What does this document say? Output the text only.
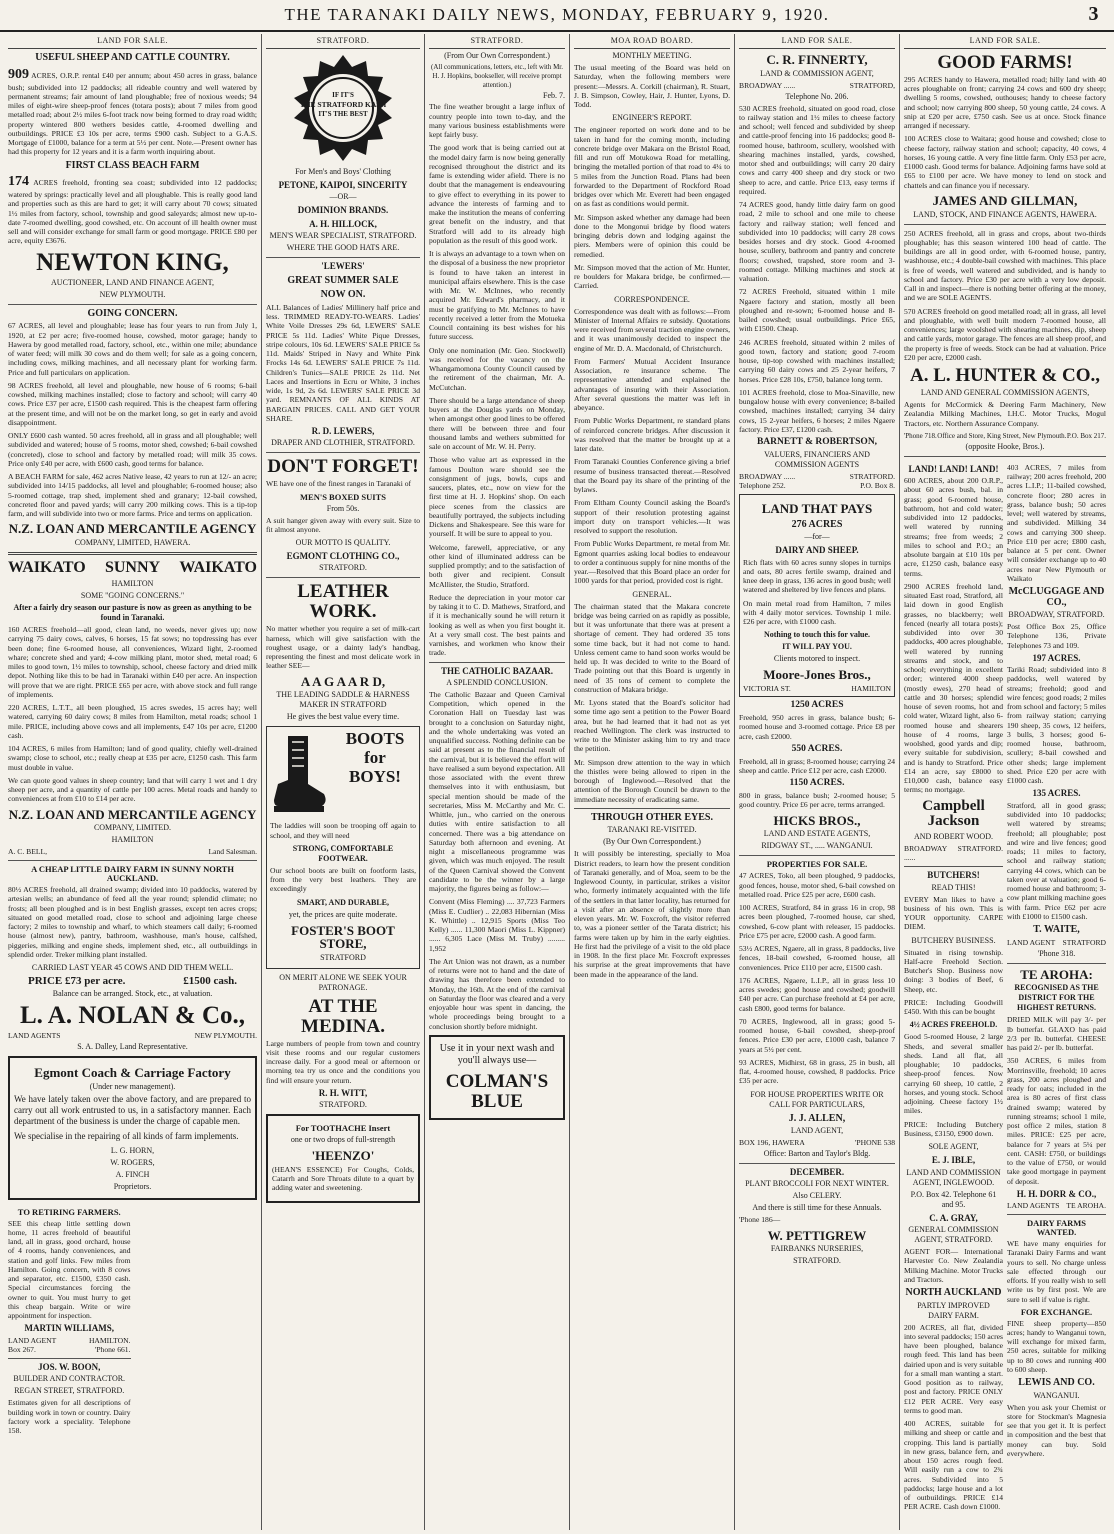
THE TARANAKI DAILY NEWS, MONDAY, FEBRUARY 9, 1920.	3
LAND FOR SALE.
USEFUL SHEEP AND CATTLE COUNTRY.
909 ACRES, O.R.P. rental £40 per annum; about 450 acres in grass, balance bush; subdivided into 12 paddocks; all rideable country and well watered by permanent streams; fair amount of land ploughable; free of noxious weeds; 94 miles of eight-wire sheep-proof fences (totara posts); about 7 miles from good metalled road; about 2½ miles 6-foot track now being formed to dray road width; property wintered 800 wethers besides cattle, 4-roomed dwelling and outbuildings. PRICE £3 10s per acre, terms £900 cash. Subject to a G.A.S. Mortgage of £1000, balance for a term at 5½ per cent. Note.—Present owner has had this property for 12 years and it is a farm worth inquiring about.
FIRST CLASS BEACH FARM
174 ACRES freehold, fronting sea coast; subdivided into 12 paddocks; watered by springs: practically level and all ploughable. This is really good land and properties such as this are hard to get; it will carry about 70 cows; situated 1½ miles from factory, school, township and good saleyards; almost new up-to-date 7-roomed dwelling, good cowshed, etc. On account of ill health owner must sell and will consider exchange for small farm or good mortgage. PRICE £80 per acre, equity £3676.
NEWTON KING,
AUCTIONEER, LAND AND FINANCE AGENT,
NEW PLYMOUTH.
GOING CONCERN.
67 ACRES, all level and ploughable; lease has four years to run from July 1, 1920, at £2 per acre; five-roomed house, cowshed, motor garage; handy to Hawera by good metalled road, factory, school, etc., within one mile; abundance of water feed; will milk 30 cows and do them well; for sale as a going concern, including cows, milking machines, and all necessary plant for working farm. Price and full particulars on application.
98 ACRES freehold, all level and ploughable, new house of 6 rooms; 6-bail cowshed, milking machines installed; close to factory and school; will carry 40 cows. Price £37 per acre, £1500 cash required. This is the cheapest farm offering at the present time, and will not be on the market long, so get in early and avoid disappointment.
ONLY £600 cash wanted. 50 acres freehold, all in grass and all ploughable; well subdivided and watered; house of 5 rooms, motor shed, cowshed; 6-bail cowshed (concreted), close to school and factory by metalled road; will milk 35 cows. Price only £40 per acre, with £600 cash, good terms for balance.
A BEACH FARM for sale, 462 acres Native lease, 42 years to run at 12/- an acre; subdivided into 14/15 paddocks, all level and ploughable; 6-roomed house; also 5-roomed cottage, trap shed, implement shed and granary; 12-bail cowshed, concreted floor and paved yards; will carry 200 milking cows. This is a tip-top farm, and will subdivide into two or more farms. Price and terms on application.
N.Z. LOAN AND MERCANTILE AGENCY
COMPANY, LIMITED, HAWERA.
WAIKATO SUNNY WAIKATO
HAMILTON
SOME "GOING CONCERNS."
After a fairly dry season our pasture is now as green as anything to be found in Taranaki.
160 ACRES freehold—all good, clean land, no weeds, never gives up; now carrying 75 dairy cows, calves, 6 horses, 15 fat sows; no topdressing has ever been done; fine 6-roomed house, all conveniences, Wizard light, 2-roomed whare; concrete shed and yard; 4-cow milking plant, motor shed, metal road; 6 miles to good town, 1½ miles to township, school, cheese factory and dried milk depot. Nothing like this to be had in Taranaki within £40 per acre. An inspection will prove that we are right. PRICE £65 per acre, with above stock and full range of implements.
220 ACRES, L.T.T., all been ploughed, 15 acres swedes, 15 acres hay; well watered, carrying 60 dairy cows; 8 miles from Hamilton, metal roads; school 1 mile. PRICE, including above cows and all implements, £47 10s per acre, £1200 cash.
104 ACRES, 6 miles from Hamilton; land of good quality, chiefly well-drained swamp; close to school, etc.; really cheap at £35 per acre, £1250 cash. This farm must double in value.
We can quote good values in sheep country; land that will carry 1 wet and 1 dry sheep per acre, and a quantity of cattle per 100 acres. Metal roads and handy to conveniences at from £10 to £14 per acre.
N.Z. LOAN AND MERCANTILE AGENCY
COMPANY, LIMITED.
HAMILTON
A. C. BELL,	Land Salesman.
A CHEAP LITTLE DAIRY FARM IN SUNNY NORTH AUCKLAND.
80½ ACRES freehold, all drained swamp; divided into 10 paddocks, watered by artesian wells; an abundance of feed all the year round; splendid climate; no frosts; all been ploughed and is in best English grasses, except ten acres crops; situated on good metalled road, close to school and adjoining large cheese factory; 2 miles to township and wharf, to which steamers call daily; 6-roomed house (almost new), pantry, bathroom, washhouse, man's house, calfshed, piggeries, milking and engine sheds, implement shed, etc., all outbuildings in splendid order. Treker milking plant installed.
CARRIED LAST YEAR 45 COWS AND DID THEM WELL.
PRICE £73 per acre.	£1500 cash.
Balance can be arranged. Stock, etc., at valuation.
L. A. NOLAN & Co.,
LAND AGENTS	NEW PLYMOUTH.
S. A. Dalley, Land Representative.
Egmont Coach & Carriage Factory
(Under new management).
We have lately taken over the above factory, and are prepared to carry out all work entrusted to us, in a satisfactory manner. Each department of the business is under the charge of capable men.
We specialise in the repairing of all kinds of farm implements.
L. G. HORN,
W. ROGERS,
A. FINCH
Proprietors.
TO RETIRING FARMERS.
SEE this cheap little settling down home, 11 acres freehold of beautiful land, all in grass, good orchard, house of 4 rooms, handy conveniences, and station and golf links. Few miles from Hamilton. Going concern, with 8 cows and separator, etc. £1500, £350 cash. Special circumstances forcing the owner to quit. You must hurry to get this cheap bargain. Write or wire appointment for inspection.
MARTIN WILLIAMS,
LAND AGENT	HAMILTON.
Box 267.	'Phone 661.
JOS. W. BOON,
BUILDER AND CONTRACTOR.
REGAN STREET, STRATFORD.
Estimates given for all descriptions of building work in town or country. Dairy factory work a speciality. Telephone 158.
STRATFORD.
IF IT'S
THE STRATFORD KASH
IT'S THE BEST
For Men's and Boys' Clothing
PETONE, KAIPOI, SINCERITY
—OR—
DOMINION BRANDS.
A. H. HILLOCK,
MEN'S WEAR SPECIALIST, STRATFORD.
WHERE THE GOOD HATS ARE.
'LEWERS'
GREAT SUMMER SALE
NOW ON.
ALL Balances of Ladies' Millinery half price and less. TRIMMED READY-TO-WEARS. Ladies' White Voile Dresses 29s 6d, LEWERS' SALE PRICE 5s 11d. Ladies' White Pique Dresses, stripe colours, 10s 6d. LEWERS' SALE PRICE 5s 11d. Maids' Striped in Navy and White Pink Frocks 14s 6d. LEWERS' SALE PRICE 7s 11d. Children's Tunics—SALE PRICE 2s 11d. Net Laces and Insertions in Ecru or White, 3 inches wide, 1s 9d, 2s 6d. LEWERS' SALE PRICE 3d yard. REMNANTS OF ALL KINDS AT BARGAIN PRICES. CALL AND GET YOUR SHARE.
R. D. LEWERS,
DRAPER AND CLOTHIER, STRATFORD.
DON'T FORGET!
WE have one of the finest ranges in Taranaki of
MEN'S BOXED SUITS
From 50s.
A suit hanger given away with every suit. Size to fit almost anyone.
OUR MOTTO IS QUALITY.
EGMONT CLOTHING CO.,
STRATFORD.
LEATHER WORK.
No matter whether you require a set of milk-cart harness, which will give satisfaction with the roughest usage, or a dainty lady's handbag, representing the finest and most delicate work in leather SEE—
A A G A A R D,
THE LEADING SADDLE & HARNESS MAKER IN STRATFORD
He gives the best value every time.
BOOTS
for
BOYS!
The laddies will soon be trooping off again to school, and they will need
STRONG, COMFORTABLE FOOTWEAR.
Our school boots are built on footform lasts, from the very best leathers. They are exceedingly
SMART, AND DURABLE,
yet, the prices are quite moderate.
FOSTER'S BOOT STORE,
STRATFORD
ON MERIT ALONE WE SEEK YOUR PATRONAGE.
AT THE MEDINA.
Large numbers of people from town and country visit these rooms and our regular customers increase daily. For a good meal or afternoon or morning tea try us once and the conditions you find will ensure your return.
R. H. WITT,
STRATFORD.
For TOOTHACHE Insert
one or two drops of full-strength
'HEENZO'
(HEAN'S ESSENCE) For Coughs, Colds, Catarrh and Sore Throats dilute to a quart by adding water and sweetening.
STRATFORD.
(From Our Own Correspondent.)
(All communications, letters, etc., left with Mr. H. J. Hopkins, bookseller, will receive prompt attention.)
Feb. 7.
The fine weather brought a large influx of country people into town to-day, and the many various business establishments were kept fairly busy.
The good work that is being carried out at the model dairy farm is now being generally recognised throughout the district and its fame is extending wider afield. There is no doubt that the management is endeavouring to give effect to everything in its power to advance the interests of farming and to make the institution the means of conferring great benefit on the industry, and that Stratford will add to its already high population as the result of this good work.
It is always an advantage to a town when on the disposal of a business the new proprietor is found to have taken an interest in municipal affairs elsewhere. This is the case with Mr. W. McInnes, who recently acquired Mr. Edward's pharmacy, and it must be gratifying to Mr. McInnes to have recently received a letter from the Motueka Council containing its best wishes for his future success.
Only one nomination (Mr. Geo. Stockwell) was received for the vacancy on the Whangamomona County Council caused by the retirement of the chairman, Mr. A. McCutchan.
There should be a large attendance of sheep buyers at the Douglas yards on Monday, when amongst other good lines to be offered there will be between three and four thousand lambs and wethers submitted for sale on account of Mr. W. H. Perry.
Those who value art as expressed in the famous Doulton ware should see the consignment of jugs, bowls, cups and saucers, plates, etc., now on view for the first time at H. J. Hopkins' shop. On each piece scenes from the classics are beautifully portrayed, the subjects including Dickens and Shakespeare. See this ware for yourself. It will be sure to appeal to you.
Welcome, farewell, appreciative, or any other kind of illuminated address can be supplied promptly; and to the satisfaction of both giver and recipient. Consult McAllister, the Studio, Stratford.
Reduce the depreciation in your motor car by taking it to C. D. Mathews, Stratford, and if it is mechanically sound he will return it looking as well as when you first bought it. At a very small cost. The best paints and varnishes, and workmen who know their trade.
THE CATHOLIC BAZAAR.
A SPLENDID CONCLUSION.
The Catholic Bazaar and Queen Carnival Competition, which opened in the Coronation Hall on Tuesday last was brought to a conclusion on Saturday night, and the whole undertaking was voted an unqualified success. Nothing definite can be said at present as to the financial result of the carnival, but it is believed the effort will have realised a sum beyond expectation. All those associated with the event threw themselves into it with enthusiasm, but special mention should be made of the secretaries, Miss M. McCarthy and Mr. C. Whittle, jun., who carried on the onerous duties with entire satisfaction to all concerned. There was a big attendance on Saturday both afternoon and evening. At night a miscellaneous programme was given, which was much enjoyed. The result of the Queen Carnival showed the Convent candidate to be the winner by a large majority, the figures being as follow:—
Convent (Miss Fleming) .... 37,723 Farmers (Miss E. Cudlier) .. 22,083 Hibernian (Miss K. Whittle) .. 12,915 Sports (Miss Teo Kelly) ...... 11,300 Maori (Miss L. Kippner) ...... 6,305 Lace (Miss M. Truby) ......... 1,952
The Art Union was not drawn, as a number of returns were not to hand and the date of drawing has therefore been extended to Monday, the 16th. At the end of the carnival on Saturday the floor was cleared and a very enjoyable hour was spent in dancing, the whole proceedings being brought to a conclusion shortly before midnight.
Use it in your next wash and you'll always use—
COLMAN'S BLUE
MOA ROAD BOARD.
MONTHLY MEETING.
The usual meeting of the Board was held on Saturday, when the following members were present:—Messrs. A. Corkill (chairman), R. Stuart, J. B. Simpson, Cowley, Hair, J. Hunter, Lyons, D. Todd.
ENGINEER'S REPORT.
The engineer reported on work done and to be taken in hand for the coming month, including concrete bridge over Makara on the Bristol Road, fill and run off Motukowa Road for metalling, bringing the metalled portion of that road to 4¼ to 5 miles from the Junction Road. Plans had been forwarded to the Department of Rockford Road bridges over which Mr. Everett had been engaged on as fast as conditions would permit.
Mr. Simpson asked whether any damage had been done to the Mongonui bridge by flood waters bringing debris down and lodging against the piers. Members were of opinion this could be remedied.
Mr. Simpson moved that the action of Mr. Hunter, re boulders for Makara bridge, be confirmed.—Carried.
CORRESPONDENCE.
Correspondence was dealt with as follows:—From Minister of Internal Affairs re subsidy. Quotations were received from several traction engine owners, and it was unanimously decided to inspect the engine of Mr. D. A. Macdonald, of Christchurch.
From Farmers' Mutual Accident Insurance Association, re insurance scheme. The representative attended and explained the advantages of insuring with their Association. After several questions the matter was left in abeyance.
From Public Works Department, re standard plans of reinforced concrete bridges. After discussion it was resolved that the matter be brought up at a later date.
From Taranaki Counties Conference giving a brief resume of business transacted thereat.—Resolved that the Board pay its share of the printing of the bylaws.
From Eltham County Council asking the Board's support of their resolution protesting against import duty on transport vehicles.—It was resolved to support the resolution.
From Public Works Department, re metal from Mr. Egmont quarries asking local bodies to endeavour to order a continuous supply for nine months of the year.—Resolved that this Board place an order for 1000 yards for that period, provided cost is right.
GENERAL.
The chairman stated that the Makara concrete bridge was being carried on as rapidly as possible, but it was unfortunate that there was at present a shortage of cement. They had ordered 35 tons some time back, but it had not come to hand. Unless cement came to hand soon works would be held up. It was decided to write to the Board of Trade pointing out that this Board is urgently in need of 35 tons of cement to complete the construction of Makara bridge.
Mr. Lyons stated that the Board's solicitor had some time ago sent a petition to the Power Board area, but he had learned that it had not as yet reached Wellington. The clerk was instructed to write to the Minister asking him to try and trace the petition.
Mr. Simpson drew attention to the way in which the thistles were being allowed to ripen in the borough of Inglewood.—Resolved that the attention of the Borough Council be drawn to the immediate necessity of eradicating same.
THROUGH OTHER EYES.
TARANAKI RE-VISITED.
(By Our Own Correspondent.)
It will possibly be interesting, specially to Moa District readers, to learn how the present condition of Taranaki generally, and of Moa, seem to be the Inglewood County, in particular, strikes a visitor who, formerly intimately acquainted with the life of the settlers in that latter locality, has returned for a visit after an absence of slightly more than eleven years. Mr. W. Foxcroft, the visitor referred to, was a pioneer settler of the Tarata district; his farms were taken up by him in the early eighties. He first had the privilege of a visit to the old place in 1908. In the first place Mr. Foxcroft expresses his surprise at the great improvements that have been made in the appearance of the land.
LAND FOR SALE.
C. R. FINNERTY,
LAND & COMMISSION AGENT,
BROADWAY ......	STRATFORD,
Telephone No. 206.
530 ACRES freehold, situated on good road, close to railway station and 1½ miles to cheese factory and school; well fenced and subdivided by sheep and cattle-proof fencing into 16 paddocks; good 8-roomed house, bathroom, scullery, woolshed with shearing machines installed, yards, cowshed, motor shed and outbuildings; will carry 20 dairy cows and carry 400 sheep and dry stock or two sheep to acre, and cattle. Price £13, easy terms if required.
74 ACRES good, handy little dairy farm on good road, 2 mile to school and one mile to cheese factory and railway station; well fenced and subdivided into 10 paddocks; will carry 28 cows besides horses and dry stock. Good 4-roomed house, scullery, bathroom and pantry and concrete floors; cowshed, trapshed, store room and 3-roomed cottage. Milking machines and stock at valuation.
72 ACRES Freehold, situated within 1 mile Ngaere factory and station, mostly all been ploughed and re-sown; 6-roomed house and 8-bailed cowshed; usual outbuildings. Price £65, with £1500. Cheap.
246 ACRES freehold, situated within 2 miles of good town, factory and station; good 7-room house, tip-top cowshed with machines installed; carrying 60 dairy cows and 25 2-year heifers, 7 horses. Price £28 10s, £750, balance long term.
101 ACRES freehold, close to Moa-Sinaville, new bungalow house with every convenience; 8-bailed cowshed, machines installed; carrying 34 dairy cows, 15 2-year heifers, 6 horses; 2 miles Ngaere factory. Price £37, £1200 cash.
BARNETT & ROBERTSON,
VALUERS, FINANCIERS AND COMMISSION AGENTS
BROADWAY ......	STRATFORD.
Telephone 252.	P.O. Box 8.
LAND THAT PAYS
276 ACRES
—for—
DAIRY AND SHEEP.
Rich flats with 60 acres sunny slopes in turnips and oats, 80 acres fertile swamp, drained and knee deep in grass, 136 acres in good bush; well watered and sheltered by live fences and plans.
On main metal road from Hamilton, 7 miles with 4 daily motor services. Township 1 mile. £26 per acre, with £1000 cash.
Nothing to touch this for value.
IT WILL PAY YOU.
Clients motored to inspect.
Moore-Jones Bros.,
VICTORIA ST.	HAMILTON
1250 ACRES
Freehold, 950 acres in grass, balance bush; 6-roomed house and 3-roomed cottage. Price £8 per acre, cash £2000.
550 ACRES.
Freehold, all in grass; 8-roomed house; carrying 24 sheep and cattle. Price £12 per acre, cash £2000.
1150 ACRES.
800 in grass, balance bush; 2-roomed house; 5 good country. Price £6 per acre, terms arranged.
HICKS BROS.,
LAND AND ESTATE AGENTS,
RIDGWAY ST., ..... WANGANUI.
PROPERTIES FOR SALE.
47 ACRES, Toko, all been ploughed, 9 paddocks, good fences, house, motor shed, 6-bail cowshed on metalled road. Price £25 per acre, £600 cash.
100 ACRES, Stratford, 84 in grass 16 in crop, 98 acres been ploughed, 7-roomed house, car shed, cowshed, 6-cow plant with releaser, 15 paddocks. Price £75 per acre, £2000 cash. A good farm.
53½ ACRES, Ngaere, all in grass, 8 paddocks, live fences, 18-bail cowshed, 6-roomed house, all conveniences. Price £110 per acre, £1500 cash.
176 ACRES, Ngaere, L.I.P., all in grass less 10 acres swedes; good house and cowshed; goodwill £40 per acre. Can purchase freehold at £4 per acre, cash £800, good terms for balance.
70 ACRES, Inglewood, all in grass; good 5-roomed house, 6-bail cowshed, sheep-proof fences. Price £30 per acre, £1000 cash, balance 7 years at 5½ per cent.
93 ACRES, Midhirst, 68 in grass, 25 in bush, all flat, 4-roomed house, cowshed, 8 paddocks. Price £35 per acre.
FOR HOUSE PROPERTIES WRITE OR CALL FOR PARTICULARS,
J. J. ALLEN,
LAND AGENT,
BOX 196, HAWERA	'PHONE 538
Office: Barton and Taylor's Bldg.
DECEMBER.
PLANT BROCCOLI FOR NEXT WINTER.
Also CELERY.
And there is still time for these Annuals.
'Phone 186—
W. PETTIGREW
FAIRBANKS NURSERIES,
STRATFORD.
LAND FOR SALE.
GOOD FARMS!
295 ACRES handy to Hawera, metalled road; hilly land with 40 acres ploughable on front; carrying 24 cows and 600 dry sheep; dwelling 5 rooms, cowshed, outhouses; handy to cheese factory and school; now carrying 800 sheep, 50 young cattle, 24 cows. A snip at £20 per acre, £750 cash. See us at once. Stock finance arranged if necessary.
100 ACRES close to Waitara; good house and cowshed; close to cheese factory, railway station and school; capacity, 40 cows, 4 horses, 16 young cattle. A very fine little farm. Only £53 per acre, £1000 cash. Good terms for balance. Adjoining farms have sold at £65 to £100 per acre. We have money to lend on stock and chattels and can finance you if necessary.
JAMES AND GILLMAN,
LAND, STOCK, AND FINANCE AGENTS, HAWERA.
250 ACRES freehold, all in grass and crops, about two-thirds ploughable; has this season wintered 100 head of cattle. The buildings are all in good order, with 6-roomed house, pantry, washhouse, etc.; 4 double-bail cowshed with machines. This place is free of weeds, well watered and subdivided, and is handy to school and factory. Price £30 per acre with a very low deposit. Call in and inspect—there is nothing better offering at the money, and we are SOLE AGENTS.
570 ACRES freehold on good metalled road; all in grass, all level and ploughable, with well built modern 7-roomed house, all conveniences; large woolshed with shearing machines, dip, sheep and cattle yards, motor garage. The fences are all sheep proof, and the property is free of weeds. Stock can be had at valuation. Price £20 per acre, £2000 cash.
A. L. HUNTER & CO.,
LAND AND GENERAL COMMISSION AGENTS,
Agents for McCormick & Deering Farm Machinery, New Zealandia Milking Machines, I.H.C. Motor Trucks, Mogul Tractors, etc. Northern Assurance Company.
'Phone 718. Office and Store, King Street, New Plymouth. P.O. Box 217.
(opposite Hooke, Bros.).
LAND! LAND! LAND!
600 ACRES, about 200 O.R.P., about 60 acres bush, bal. in grass; good 6-roomed house, bathroom, hot and cold water; subdivided into 12 paddocks, well watered by running streams; free from weeds; 2 miles to school and P.O.; an absolute bargain at £10 10s per acre, £1250 cash, balance easy terms.
2900 ACRES freehold land, situated East road, Stratford, all laid down in good English grasses, no blackberry; well fenced (nearly all totara posts); subdivided into over 30 paddocks, 400 acres ploughable, well watered by running streams and stock, and to school; everything in excellent order; wintered 4000 sheep (mostly ewes), 270 head of cattle and 30 horses; splendid house of seven rooms, hot and cold water, Wizard light, also 6-roomed house and shearers house of 4 rooms, large woolshed, good yards and dip; every suitable for subdivision, and is handy to Stratford. Price £14 an acre, say £8000 to £10,000 cash, balance easy terms; no mortgage.
Campbell Jackson
AND ROBERT WOOD.
BROADWAY ......
STRATFORD.
BUTCHERS!
READ THIS!
EVERY Man likes to have a business of his own. This is YOUR opportunity. CARPE DIEM.
BUTCHERY BUSINESS.
Situated in rising township. Half-acre Freehold Section. Butcher's Shop. Business now doing: 3 bodies of Beef, 6 Sheep, etc.
PRICE: Including Goodwill £450. With this can be bought
4½ ACRES FREEHOLD.
Good 5-roomed House, 2 large Sheds, and several smaller sheds. Land all flat, all ploughable; 10 paddocks, sheep-proof fences. Now carrying 60 sheep, 10 cattle, 2 horses, and young stock. School adjoining. Cheese factory 1½ miles.
PRICE: Including Butchery Business, £3150, £900 down.
SOLE AGENT,
E. J. IBLE,
LAND AND COMMISSION AGENT, INGLEWOOD.
P.O. Box 42. Telephone 61 and 95.
C. A. GRAY,
GENERAL COMMISSION AGENT, STRATFORD.
AGENT FOR— International Harvester Co. New Zealandia Milking Machine. Motor Trucks and Tractors.
NORTH AUCKLAND
PARTLY IMPROVED DAIRY FARM.
200 ACRES, all flat, divided into several paddocks; 150 acres have been ploughed, balance rough feed. This land has been dairied upon and is very suitable for a small man wanting a start. Good position as to railway, post and factory. PRICE ONLY £12 PER ACRE. Very easy terms to good man.
400 ACRES, suitable for milking and sheep or cattle and cropping. This land is partially in new grass, balance fern, and about 150 acres rough feed. Will easily run a cow to 2¾ acres. Subdivided into 5 paddocks; large house and a lot of outbuildings. PRICE £14 PER ACRE. Cash down £1000.
403 ACRES, 7 miles from railway; 200 acres freehold, 200 acres L.I.P.; 11-bailed cowshed, concrete floor; 280 acres in grass, balance bush; 50 acres level; well watered by streams, and subdivided. Milking 34 cows and carrying 300 sheep. Price £10 per acre; £800 cash, balance at 5 per cent. Owner will consider exchange up to 40 acres near New Plymouth or Waikato
McCLUGGAGE AND CO.,
BROADWAY, STRATFORD.
Post Office Box 25, Office Telephone 136, Private Telephones 73 and 109.
197 ACRES.
Tariki Road; subdivided into 8 paddocks, well watered by streams; freehold; good and wire fences; good roads; 2 miles from school and factory; 5 miles from railway station; carrying 190 sheep, 35 cows, 12 heifers, 3 bulls, 3 horses; good 6-roomed house, bathroom, scullery; 8-bail cowshed and other sheds; large implement shed. Price £20 per acre with £1000 cash.
135 ACRES.
Stratford, all in good grass; subdivided into 10 paddocks; well watered by streams; freehold; all ploughable; post and wire and live fences; good roads; 11 miles to factory, school and railway station; carrying 44 cows, which can be taken over at valuation; good 6-roomed house and bathroom; 3-cow plant milking machine goes with farm. Price £62 per acre with £1000 to £1500 cash.
T. WAITE,
LAND AGENT STRATFORD
'Phone 318.
TE AROHA:
RECOGNISED AS THE DISTRICT FOR THE HIGHEST RETURNS.
DRIED MILK will pay 3/- per lb butterfat. GLAXO has paid 2/3 per lb. butterfat. CHEESE has paid 2/- per lb. butterfat.
350 ACRES, 6 miles from Morrinsville, freehold; 10 acres grass, 200 acres ploughed and ready for oats; included in the area is 80 acres of first class drained swamp; watered by running streams; school 1 mile, post office 2 miles, station 8 miles. PRICE: £25 per acre, balance for 7 years at 5¼ per cent. CASH: £750, or buildings to the value of £750, or would take good mortgage in payment of deposit.
H. H. DORR & CO.,
LAND AGENTS TE AROHA.
DAIRY FARMS WANTED.
WE have many enquiries for Taranaki Dairy Farms and want yours to sell. No charge unless sale effected through our efforts. If you really wish to sell write us by first post. We are sure to sell if value is right.
FOR EXCHANGE.
FINE sheep property—850 acres; handy to Wanganui town, will exchange for mixed farm, 250 acres, suitable for milking up to 80 cows and running 400 to 600 sheep.
LEWIS AND CO.
WANGANUI.
When you ask your Chemist or store for Stockman's Magnesia see that you get it. It is perfect in composition and the best that money can buy. Sold everywhere.
